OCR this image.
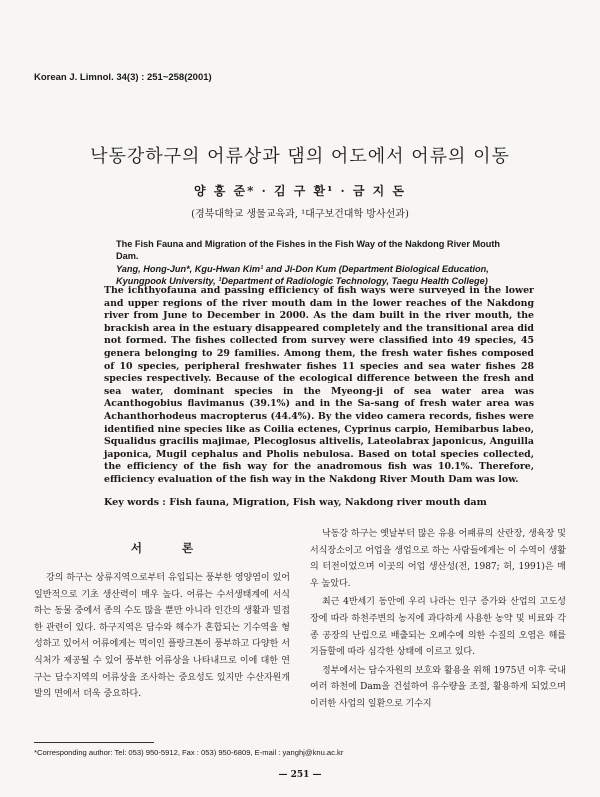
Korean J. Limnol. 34(3) : 251~258(2001)
낙동강하구의 어류상과 댐의 어도에서 어류의 이동
양 홍 준* · 김 구 환¹ · 금 지 돈
(경북대학교 생물교육과, ¹대구보건대학 방사선과)
The Fish Fauna and Migration of the Fishes in the Fish Way of the Nakdong River Mouth Dam.
Yang, Hong-Jun*, Kgu-Hwan Kim¹ and Ji-Don Kum (Department Biological Education, Kyungpook University, ¹Department of Radiologic Technology, Taegu Health College)
The ichthyofauna and passing efficiency of fish ways were surveyed in the lower and upper regions of the river mouth dam in the lower reaches of the Nakdong river from June to December in 2000. As the dam built in the river mouth, the brackish area in the estuary disappeared completely and the transitional area did not formed. The fishes collected from survey were classified into 49 species, 45 genera belonging to 29 families. Among them, the fresh water fishes composed of 10 species, peripheral freshwater fishes 11 species and sea water fishes 28 species respectively. Because of the ecological difference between the fresh and sea water, dominant species in the Myeong-ji of sea water area was Acanthogobius flavimanus (39.1%) and in the Sa-sang of fresh water area was Achanthorhodeus macropterus (44.4%). By the video camera records, fishes were identified nine species like as Coilia ectenes, Cyprinus carpio, Hemibarbus labeo, Squalidus gracilis majimae, Plecoglosus altivelis, Lateolabrax japonicus, Anguilla japonica, Mugil cephalus and Pholis nebulosa. Based on total species collected, the efficiency of the fish way for the anadromous fish was 10.1%. Therefore, efficiency evaluation of the fish way in the Nakdong River Mouth Dam was low.
Key words : Fish fauna, Migration, Fish way, Nakdong river mouth dam
서 론

강의 하구는 상류지역으로부터 유입되는 풍부한 영양염이 있어 일반적으로 기초 생산력이 매우 높다. 어류는 수서생태계에 서식하는 동물 중에서 종의 수도 많을 뿐만 아니라 인간의 생활과 밀접한 관련이 있다. 하구지역은 담수와 해수가 혼합되는 기수역을 형성하고 있어서 어류에게는 먹이인 플랑크톤이 풍부하고 다양한 서식처가 제공될 수 있어 풍부한 어류상을 나타내므로 이에 대한 연구는 담수지역의 어류상을 조사하는 중요성도 있지만 수산자원개발의 면에서 더욱 중요하다.

낙동강 하구는 옛날부터 많은 유용 어패류의 산란장, 생육장 및 서식장소이고 어업을 생업으로 하는 사람들에게는 이 수역이 생활의 터전이었으며 이곳의 어업 생산성(전, 1987; 허, 1991)은 매우 높았다.

최근 4반세기 동안에 우리 나라는 인구 증가와 산업의 고도성장에 따라 하천주변의 농지에 과다하게 사용한 농약 및 비료와 각종 공장의 난립으로 배출되는 오폐수에 의한 수질의 오염은 해를 거듭할에 따라 심각한 상태에 이르고 있다.

정부에서는 담수자원의 보호와 활용을 위해 1975년 이후 국내 여러 하천에 Dam을 건설하여 유수량을 조절, 활용하게 되었으며 이러한 사업의 일환으로 기수지

*Corresponding author: Tel: 053) 950-5912, Fax : 053) 950-6809, E-mail : yanghj@knu.ac.kr
— 251 —
